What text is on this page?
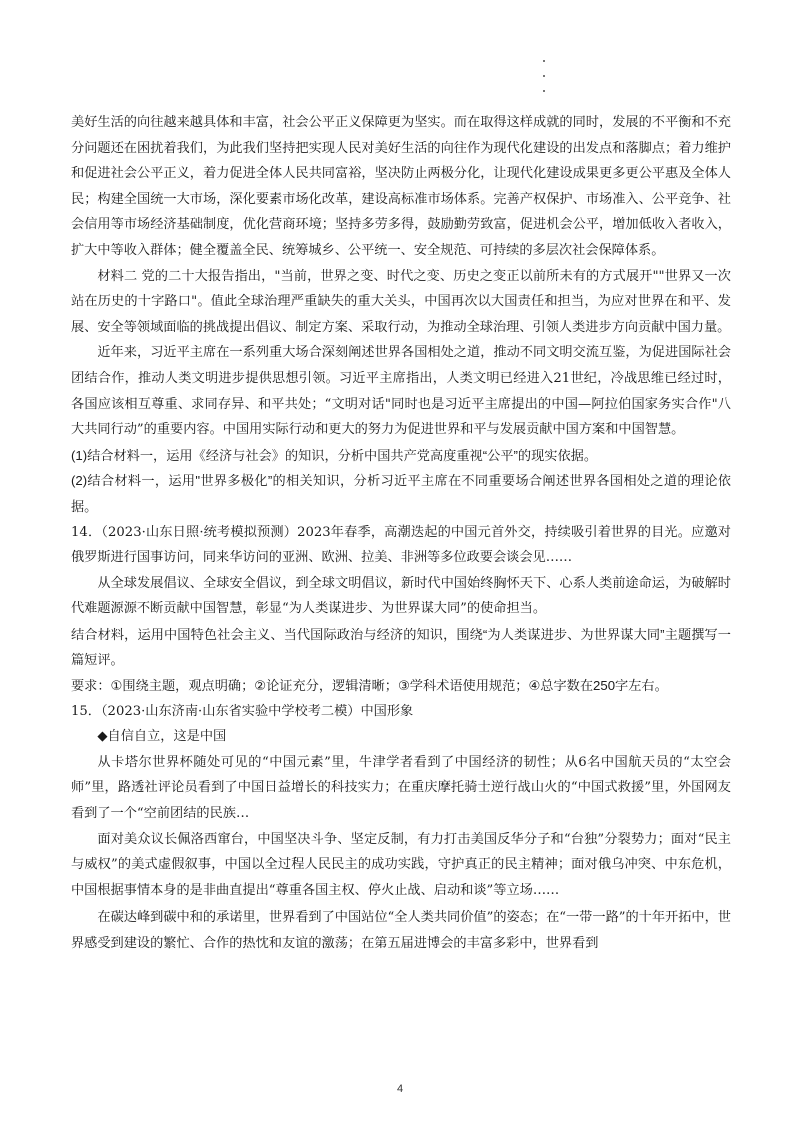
美好生活的向往越来越具体和丰富，社会公平正义保障更为坚实。而在取得这样成就的同时，发展的不平衡和不充分问题还在困扰着我们，为此我们坚持把实现人民对美好生活的向往作为现代化建设的出发点和落脚点；着力维护和促进社会公平正义，着力促进全体人民共同富裕，坚决防止两极分化，让现代化建设成果更多更公平惠及全体人民；构建全国统一大市场，深化要素市场化改革，建设高标准市场体系。完善产权保护、市场准入、公平竞争、社会信用等市场经济基础制度，优化营商环境；坚持多劳多得，鼓励勤劳致富，促进机会公平，增加低收入者收入，扩大中等收入群体；健全覆盖全民、统筹城乡、公平统一、安全规范、可持续的多层次社会保障体系。

材料二 党的二十大报告指出，"当前，世界之变、时代之变、历史之变正以前所未有的方式展开""世界又一次站在历史的十字路口"。值此全球治理严重缺失的重大关头，中国再次以大国责任和担当，为应对世界在和平、发展、安全等领域面临的挑战提出倡议、制定方案、采取行动，为推动全球治理、引领人类进步方向贡献中国力量。

近年来，习近平主席在一系列重大场合深刻阐述世界各国相处之道，推动不同文明交流互鉴，为促进国际社会团结合作，推动人类文明进步提供思想引领。习近平主席指出，人类文明已经进入21世纪，冷战思维已经过时，各国应该相互尊重、求同存异、和平共处；“文明对话"同时也是习近平主席提出的中国—阿拉伯国家务实合作"八大共同行动”的重要内容。中国用实际行动和更大的努力为促进世界和平与发展贡献中国方案和中国智慧。

(1)结合材料一，运用《经济与社会》的知识，分析中国共产党高度重视“公平”的现实依据。

(2)结合材料一，运用"世界多极化”的相关知识，分析习近平主席在不同重要场合阐述世界各国相处之道的理论依据。

14．（2023·山东日照·统考模拟预测）2023年春季，高潮迭起的中国元首外交，持续吸引着世界的目光。应邀对俄罗斯进行国事访问，同来华访问的亚洲、欧洲、拉美、非洲等多位政要会谈会见……

从全球发展倡议、全球安全倡议，到全球文明倡议，新时代中国始终胸怀天下、心系人类前途命运，为破解时代难题源源不断贡献中国智慧，彰显“为人类谋进步、为世界谋大同”的使命担当。

结合材料，运用中国特色社会主义、当代国际政治与经济的知识，围绕“为人类谋进步、为世界谋大同”主题撰写一篇短评。

要求：①围绕主题，观点明确；②论证充分，逻辑清晰；③学科术语使用规范；④总字数在250字左右。

15．（2023·山东济南·山东省实验中学校考二模）中国形象

◆自信自立，这是中国

从卡塔尔世界杯随处可见的“中国元素”里，牛津学者看到了中国经济的韧性；从6名中国航天员的“太空会师”里，路透社评论员看到了中国日益增长的科技实力；在重庆摩托骑士逆行战山火的“中国式救援”里，外国网友看到了一个“空前团结的民族…

面对美众议长佩洛西窜台，中国坚决斗争、坚定反制，有力打击美国反华分子和“台独”分裂势力；面对“民主与威权”的美式虚假叙事，中国以全过程人民民主的成功实践，守护真正的民主精神；面对俄乌冲突、中东危机，中国根据事情本身的是非曲直提出“尊重各国主权、停火止战、启动和谈”等立场……

在碳达峰到碳中和的承诺里，世界看到了中国站位“全人类共同价值”的姿态；在“一带一路”的十年开拓中，世界感受到建设的繁忙、合作的热忱和友谊的激荡；在第五届进博会的丰富多彩中，世界看到

4
